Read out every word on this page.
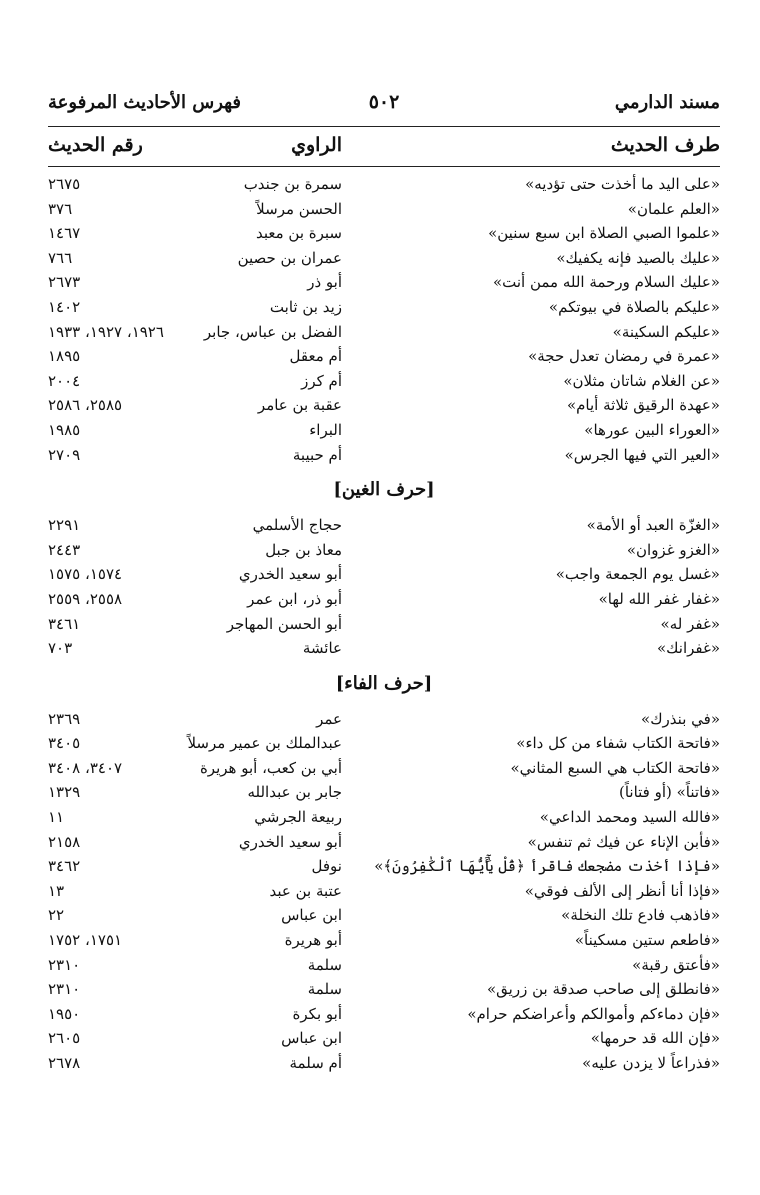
مسند الدارمي
٥٠٢
فهرس الأحاديث المرفوعة
طرف الحديث
الراوي
رقم الحديث
«على اليد ما أخذت حتى تؤديه»
سمرة بن جندب
٢٦٧٥
«العلم علمان»
الحسن مرسلاً
٣٧٦
«علموا الصبي الصلاة ابن سبع سنين»
سبرة بن معبد
١٤٦٧
«عليك بالصيد فإنه يكفيك»
عمران بن حصين
٧٦٦
«عليك السلام ورحمة الله ممن أنت»
أبو ذر
٢٦٧٣
«عليكم بالصلاة في بيوتكم»
زيد بن ثابت
١٤٠٢
«عليكم السكينة»
الفضل بن عباس، جابر
١٩٢٦، ١٩٢٧، ١٩٣٣
«عمرة في رمضان تعدل حجة»
أم معقل
١٨٩٥
«عن الغلام شاتان مثلان»
أم كرز
٢٠٠٤
«عهدة الرقيق ثلاثة أيام»
عقبة بن عامر
٢٥٨٥، ٢٥٨٦
«العوراء البين عورها»
البراء
١٩٨٥
«العير التي فيها الجرس»
أم حبيبة
٢٧٠٩
[حرف الغين]
«الغزّة العبد أو الأمة»
حجاج الأسلمي
٢٢٩١
«الغزو غزوان»
معاذ بن جبل
٢٤٤٣
«غسل يوم الجمعة واجب»
أبو سعيد الخدري
١٥٧٤، ١٥٧٥
«غفار غفر الله لها»
أبو ذر، ابن عمر
٢٥٥٨، ٢٥٥٩
«غفر له»
أبو الحسن المهاجر
٣٤٦١
«غفرانك»
عائشة
٧٠٣
[حرف الفاء]
«في بنذرك»
عمر
٢٣٦٩
«فاتحة الكتاب شفاء من كل داء»
عبدالملك بن عمير مرسلاً
٣٤٠٥
«فاتحة الكتاب هي السبع المثاني»
أبي بن كعب، أبو هريرة
٣٤٠٧، ٣٤٠٨
«فاتناً» (أو فتاناً)
جابر بن عبدالله
١٣٢٩
«فالله السيد ومحمد الداعي»
ربيعة الجرشي
١١
«فأبن الإناء عن فيك ثم تنفس»
أبو سعيد الخدري
٢١٥٨
«فإذا أخذت مضجعك فاقرأ ﴿قُلْ يَٰٓأَيُّهَا ٱلْكَٰفِرُونَ﴾»
نوفل
٣٤٦٢
«فإذا أنا أنظر إلى الألف فوقي»
عتبة بن عبد
١٣
«فاذهب فادع تلك النخلة»
ابن عباس
٢٢
«فاطعم ستين مسكيناً»
أبو هريرة
١٧٥١، ١٧٥٢
«فأعتق رقبة»
سلمة
٢٣١٠
«فانطلق إلى صاحب صدقة بن زريق»
سلمة
٢٣١٠
«فإن دماءكم وأموالكم وأعراضكم حرام»
أبو بكرة
١٩٥٠
«فإن الله قد حرمها»
ابن عباس
٢٦٠٥
«فذراعاً لا يزدن عليه»
أم سلمة
٢٦٧٨
